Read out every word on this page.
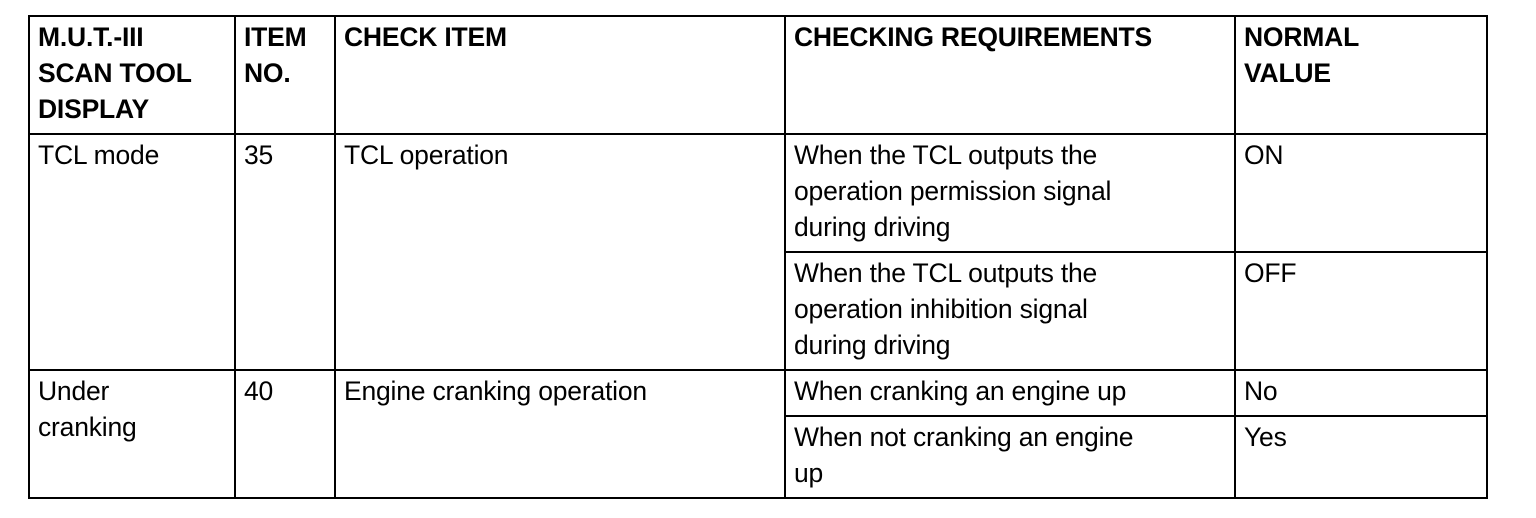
M.U.T.-III
SCAN TOOL
DISPLAY	ITEM
NO.	CHECK ITEM	CHECKING REQUIREMENTS	NORMAL
VALUE

TCL mode	35	TCL operation	When the TCL outputs the
operation permission signal
during driving	ON

			When the TCL outputs the
operation inhibition signal
during driving	OFF

Under
cranking	40	Engine cranking operation	When cranking an engine up	No

			When not cranking an engine
up	Yes
